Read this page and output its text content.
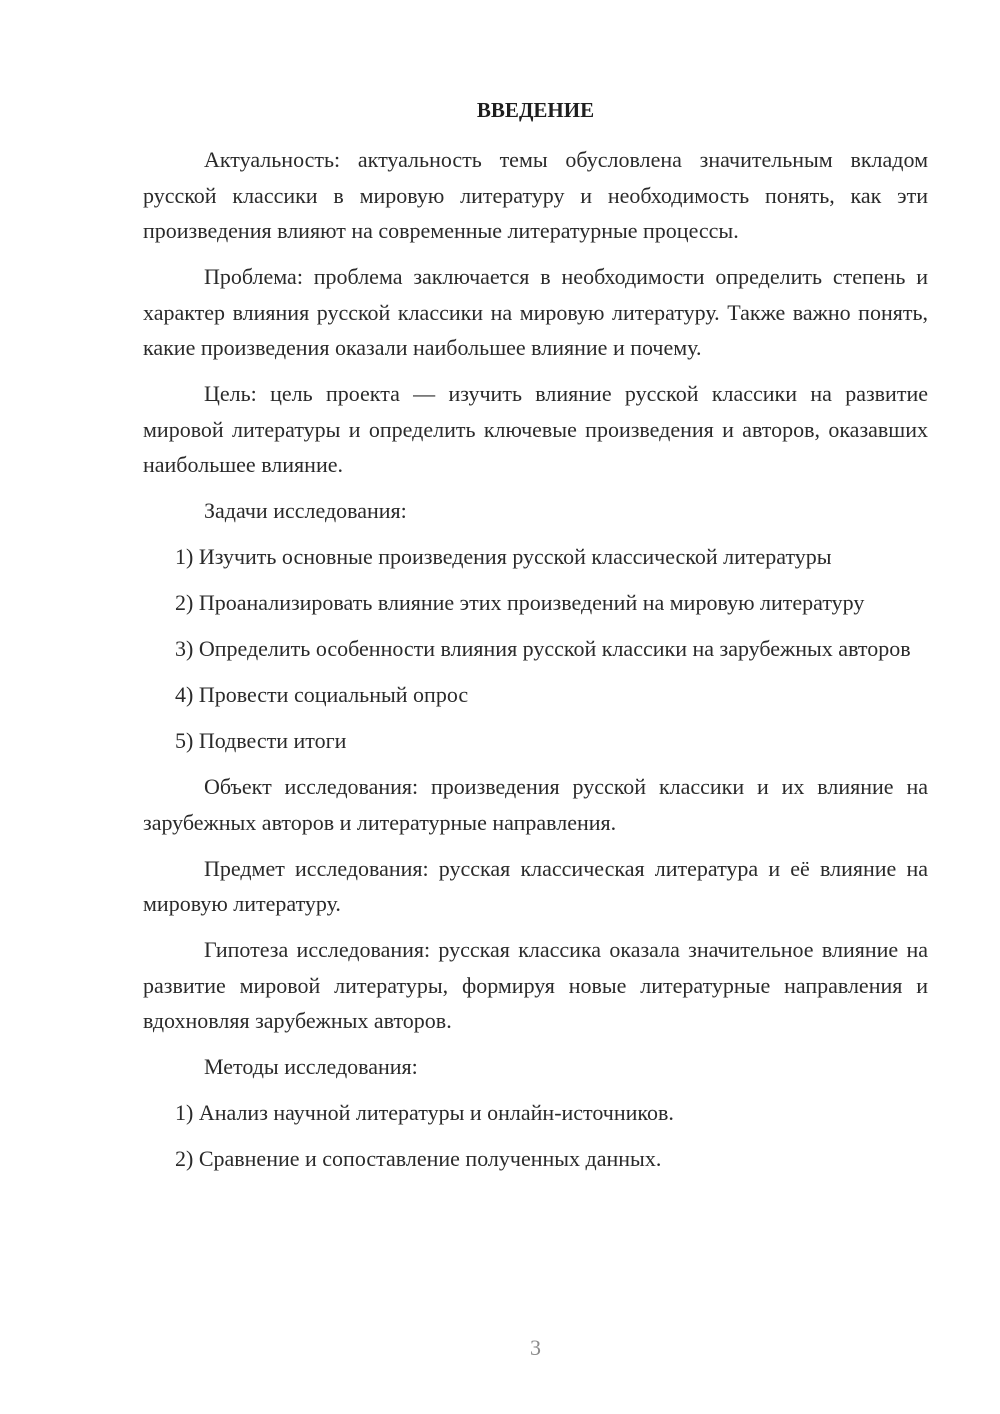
ВВЕДЕНИЕ

Актуальность: актуальность темы обусловлена значительным вкладом русской классики в мировую литературу и необходимость понять, как эти произведения влияют на современные литературные процессы.

Проблема: проблема заключается в необходимости определить степень и характер влияния русской классики на мировую литературу. Также важно понять, какие произведения оказали наибольшее влияние и почему.

Цель: цель проекта — изучить влияние русской классики на развитие мировой литературы и определить ключевые произведения и авторов, оказавших наибольшее влияние.

Задачи исследования:

1) Изучить основные произведения русской классической литературы

2) Проанализировать влияние этих произведений на мировую литературу

3) Определить особенности влияния русской классики на зарубежных авторов

4) Провести социальный опрос

5) Подвести итоги

Объект исследования: произведения русской классики и их влияние на зарубежных авторов и литературные направления.

Предмет исследования: русская классическая литература и её влияние на мировую литературу.

Гипотеза исследования: русская классика оказала значительное влияние на развитие мировой литературы, формируя новые литературные направления и вдохновляя зарубежных авторов.

Методы исследования:

1) Анализ научной литературы и онлайн-источников.

2) Сравнение и сопоставление полученных данных.

3
